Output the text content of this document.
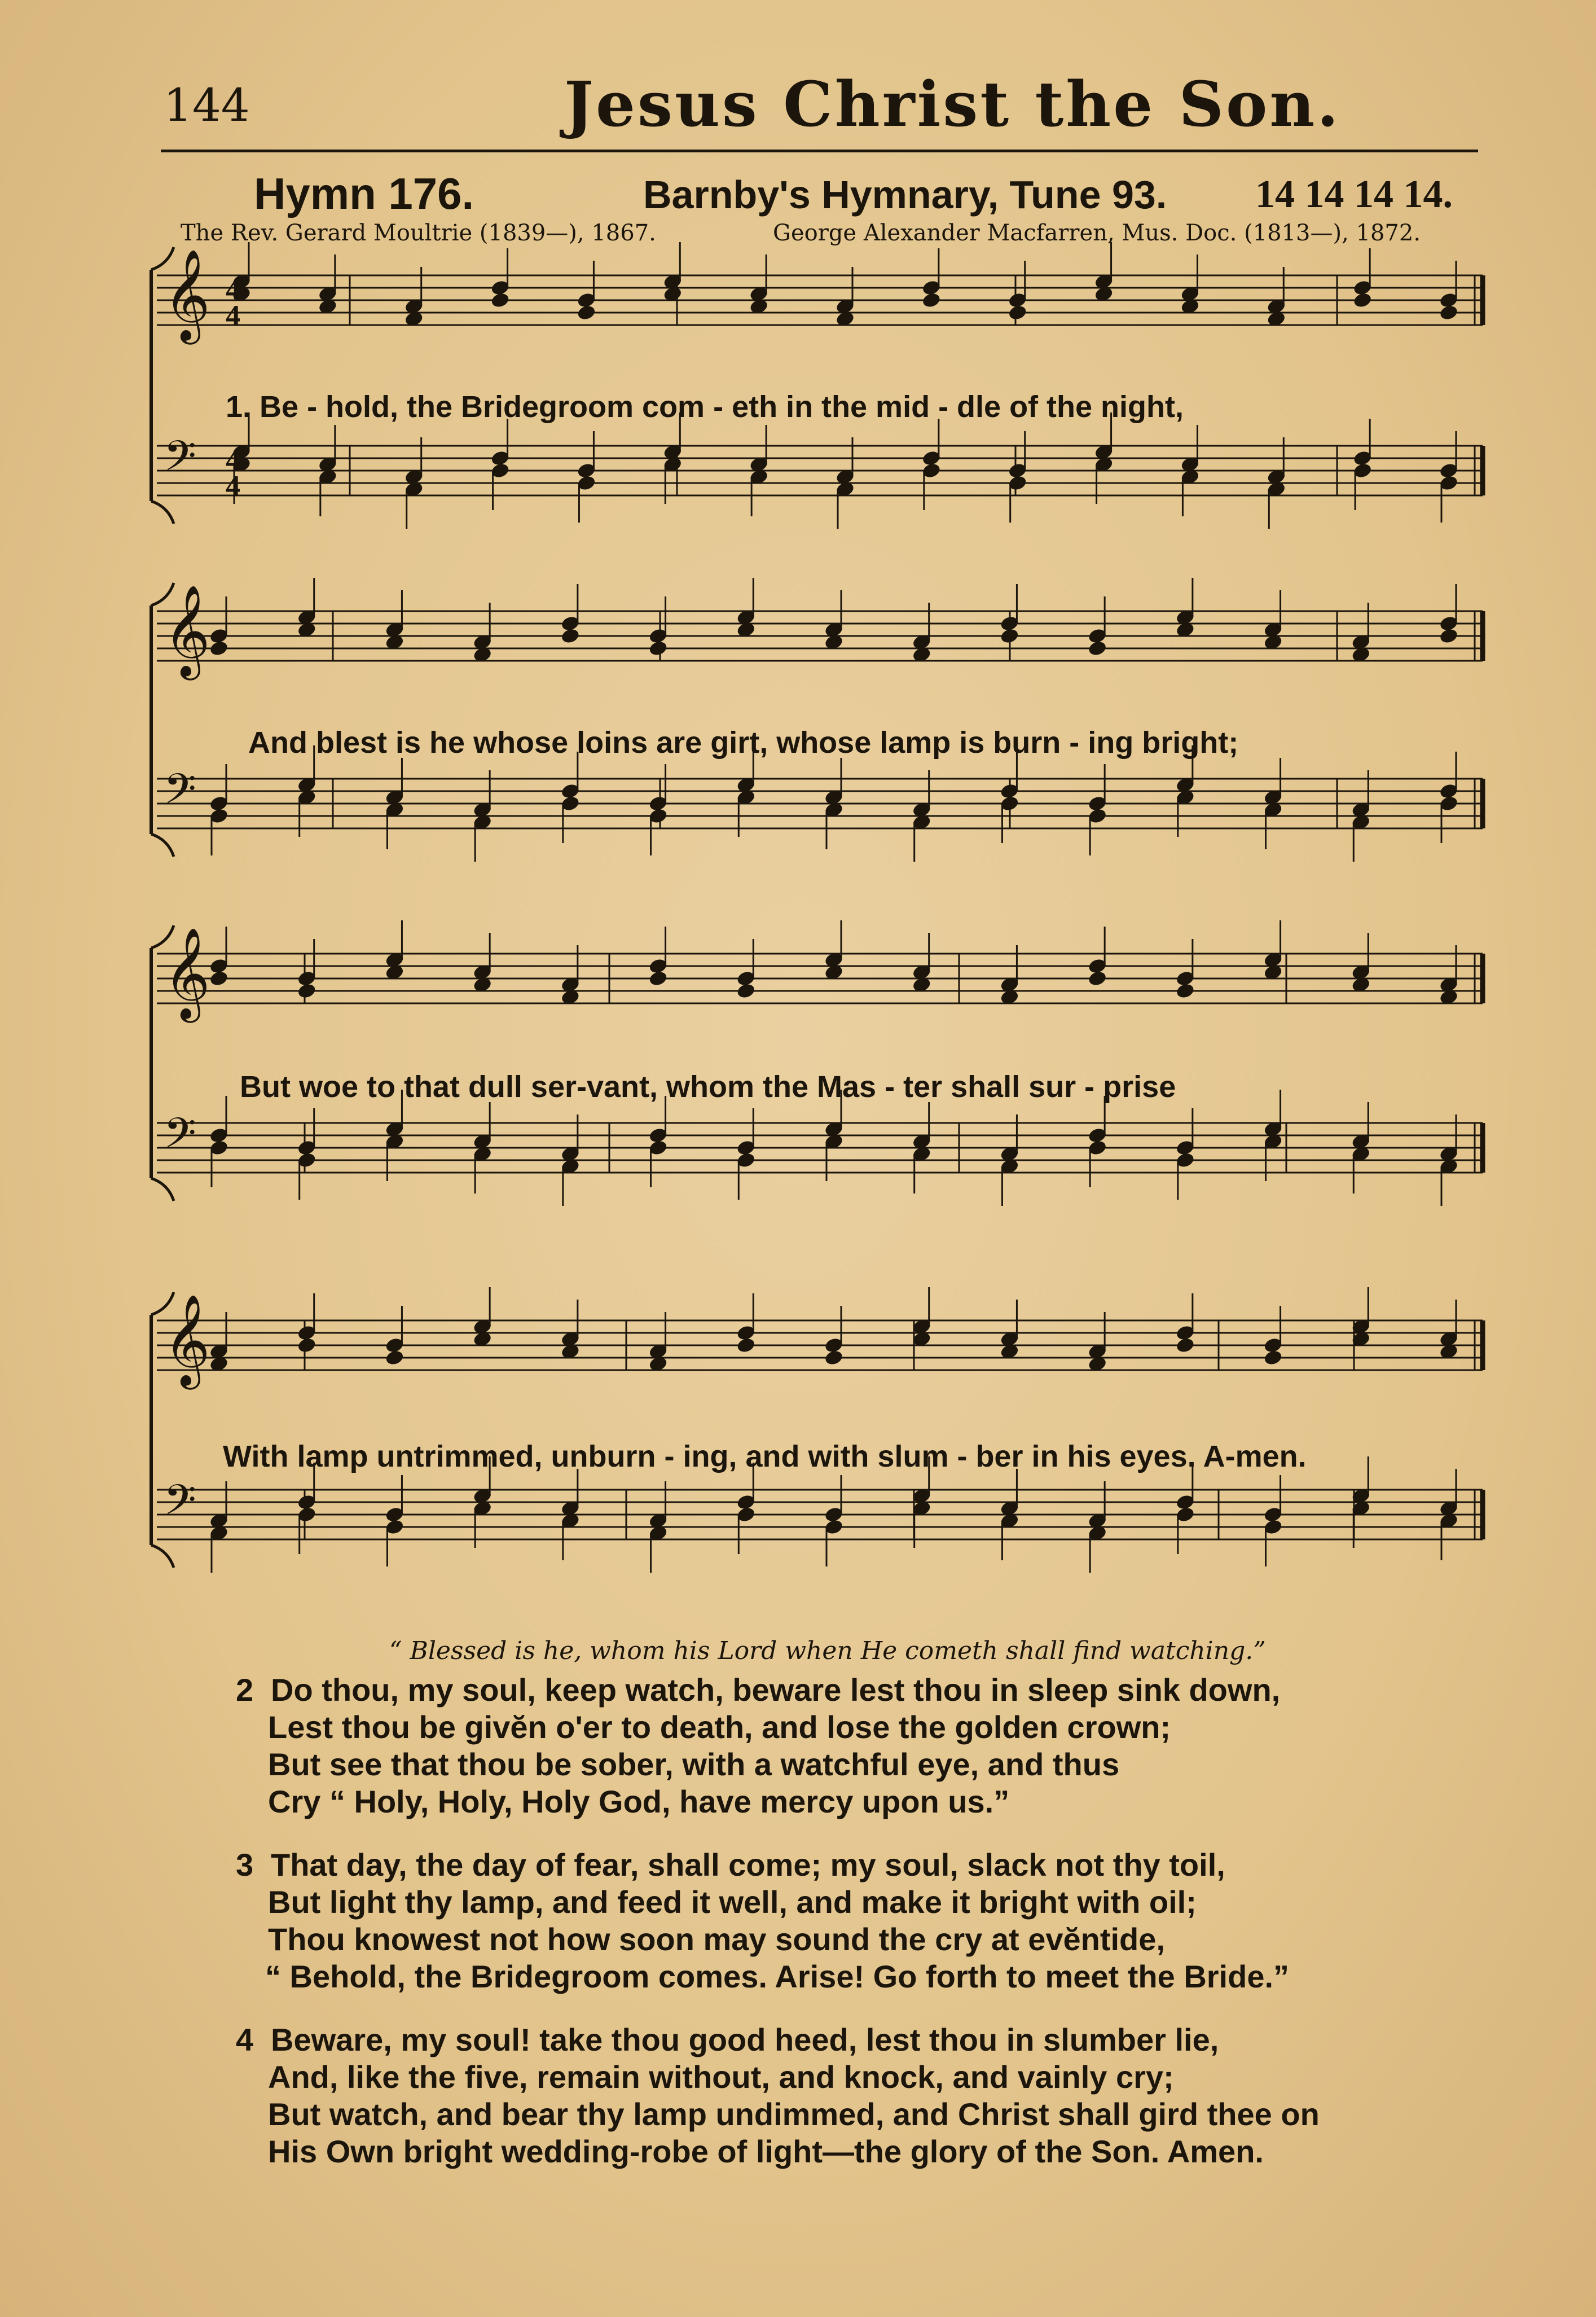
144	Jesus Christ the Son.
Hymn 176.	Barnby's Hymnary, Tune 93. 14 14 14 14.
The Rev. Gerard Moultrie (1839—), 1867.	George Alexander Macfarren, Mus. Doc. (1813—), 1872.
𝄞
𝄢
𝄞
𝄢
𝄞
𝄢
𝄞
𝄢
4
4
4
4
1. Be - hold, the Bridegroom com - eth in the mid - dle of the night,
And blest is he whose loins are girt, whose lamp is burn - ing bright;
But woe to that dull ser-vant, whom the Mas - ter shall sur - prise
With lamp untrimmed, unburn - ing, and with slum - ber in his eyes. A-men.
“ Blessed is he, whom his Lord when He cometh shall find watching.”
2 Do thou, my soul, keep watch, beware lest thou in sleep sink down,
Lest thou be givĕn o'er to death, and lose the golden crown;
But see that thou be sober, with a watchful eye, and thus
Cry “ Holy, Holy, Holy God, have mercy upon us.”
3 That day, the day of fear, shall come; my soul, slack not thy toil,
But light thy lamp, and feed it well, and make it bright with oil;
Thou knowest not how soon may sound the cry at evĕntide,
“ Behold, the Bridegroom comes. Arise! Go forth to meet the Bride.”
4 Beware, my soul! take thou good heed, lest thou in slumber lie,
And, like the five, remain without, and knock, and vainly cry;
But watch, and bear thy lamp undimmed, and Christ shall gird thee on
His Own bright wedding-robe of light—the glory of the Son. Amen.
